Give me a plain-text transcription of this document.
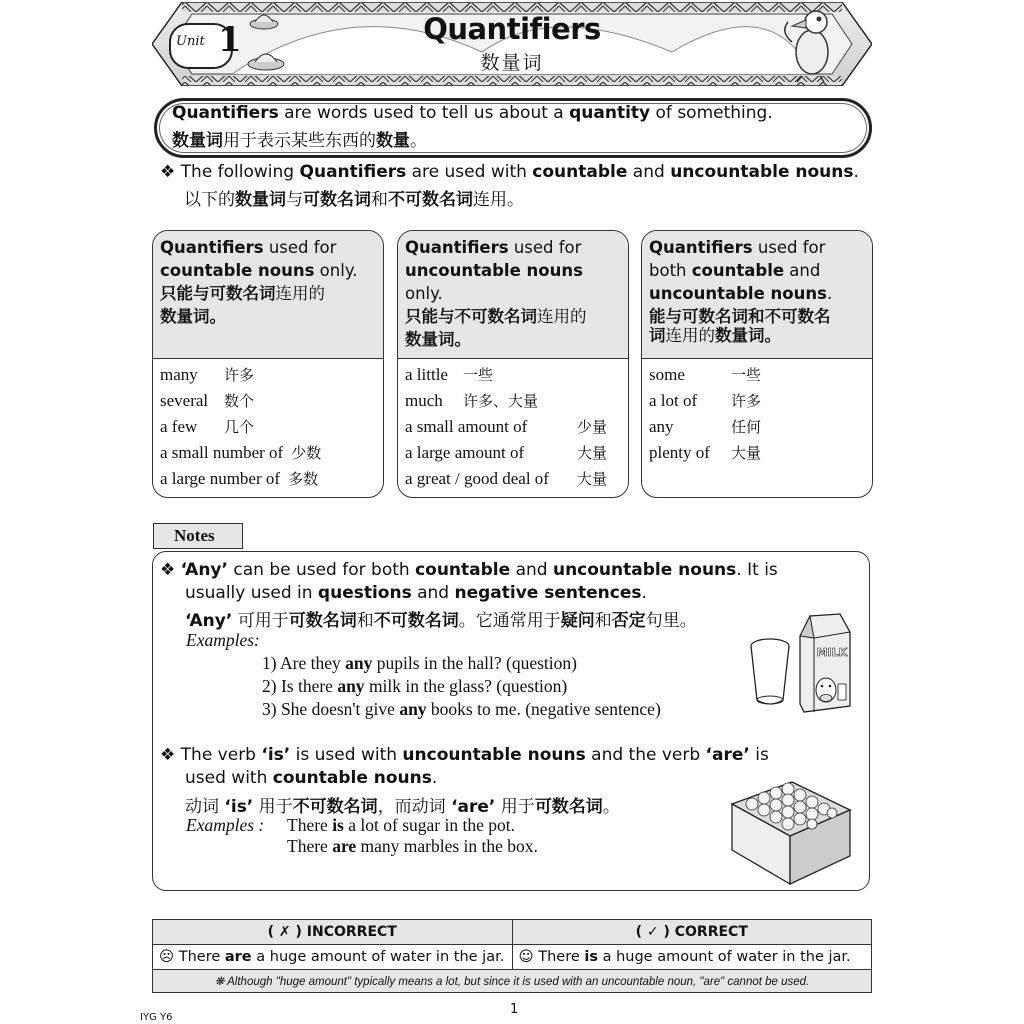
Unit 1	Quantifiers
数量词
Quantifiers are words used to tell us about a quantity of something.
数量词用于表示某些东西的数量。
❖ The following Quantifiers are used with countable and uncountable nouns.
以下的数量词与可数名词和不可数名词连用。
Quantifiers used for
countable nouns only.
只能与可数名词连用的
数量词。
many	许多
several	数个
a few	几个
a small number of 少数
a large number of 多数
Quantifiers used for
uncountable nouns only.
只能与不可数名词连用的
数量词。
a little	一些
much	许多、大量
a small amount of	少量
a large amount of	大量
a great / good deal of	大量
Quantifiers used for
both countable and
uncountable nouns.
能与可数名词和不可数名
词连用的数量词。
some	一些
a lot of	许多
any	任何
plenty of	大量
Notes
❖ ‘Any’ can be used for both countable and uncountable nouns. It is
usually used in questions and negative sentences.
‘Any’ 可用于可数名词和不可数名词。它通常用于疑问和否定句里。
Examples:
1) Are they any pupils in the hall? (question)
2) Is there any milk in the glass? (question)
3) She doesn't give any books to me. (negative sentence)
MILK
❖ The verb ‘is’ is used with uncountable nouns and the verb ‘are’ is
used with countable nouns.
动词 ‘is’ 用于不可数名词，而动词 ‘are’ 用于可数名词。
Examples : There is a lot of sugar in the pot.
There are many marbles in the box.
( ✗ ) INCORRECT	( ✓ ) CORRECT
☹ There are a huge amount of water in the jar.	☺ There is a huge amount of water in the jar.
❋ Although "huge amount" typically means a lot, but since it is used with an uncountable noun, "are" cannot be used.	
1
IYG Y6
